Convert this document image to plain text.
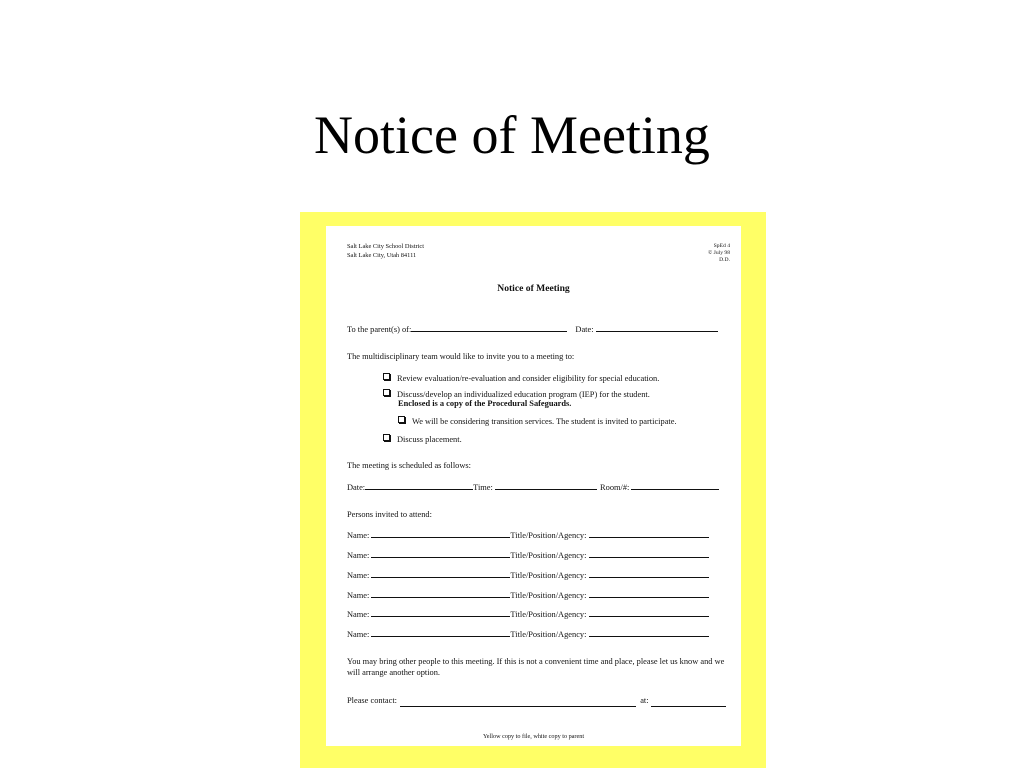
Notice of Meeting
Salt Lake City School District
Salt Lake City, Utah 84111
SpEd 4
© July 98
D.D.
Notice of Meeting
To the parent(s) of:	Date:
The multidisciplinary team would like to invite you to a meeting to:
Review evaluation/re-evaluation and consider eligibility for special education.
Discuss/develop an individualized education program (IEP) for the student.
Enclosed is a copy of the Procedural Safeguards.
We will be considering transition services. The student is invited to participate.
Discuss placement.
The meeting is scheduled as follows:
Date:	Time:	Room/#:
Persons invited to attend:
Name:	Title/Position/Agency:
Name:	Title/Position/Agency:
Name:	Title/Position/Agency:
Name:	Title/Position/Agency:
Name:	Title/Position/Agency:
Name:	Title/Position/Agency:
You may bring other people to this meeting. If this is not a convenient time and place, please let us know and we will arrange another option.
Please contact:	at:
Yellow copy to file, white copy to parent
